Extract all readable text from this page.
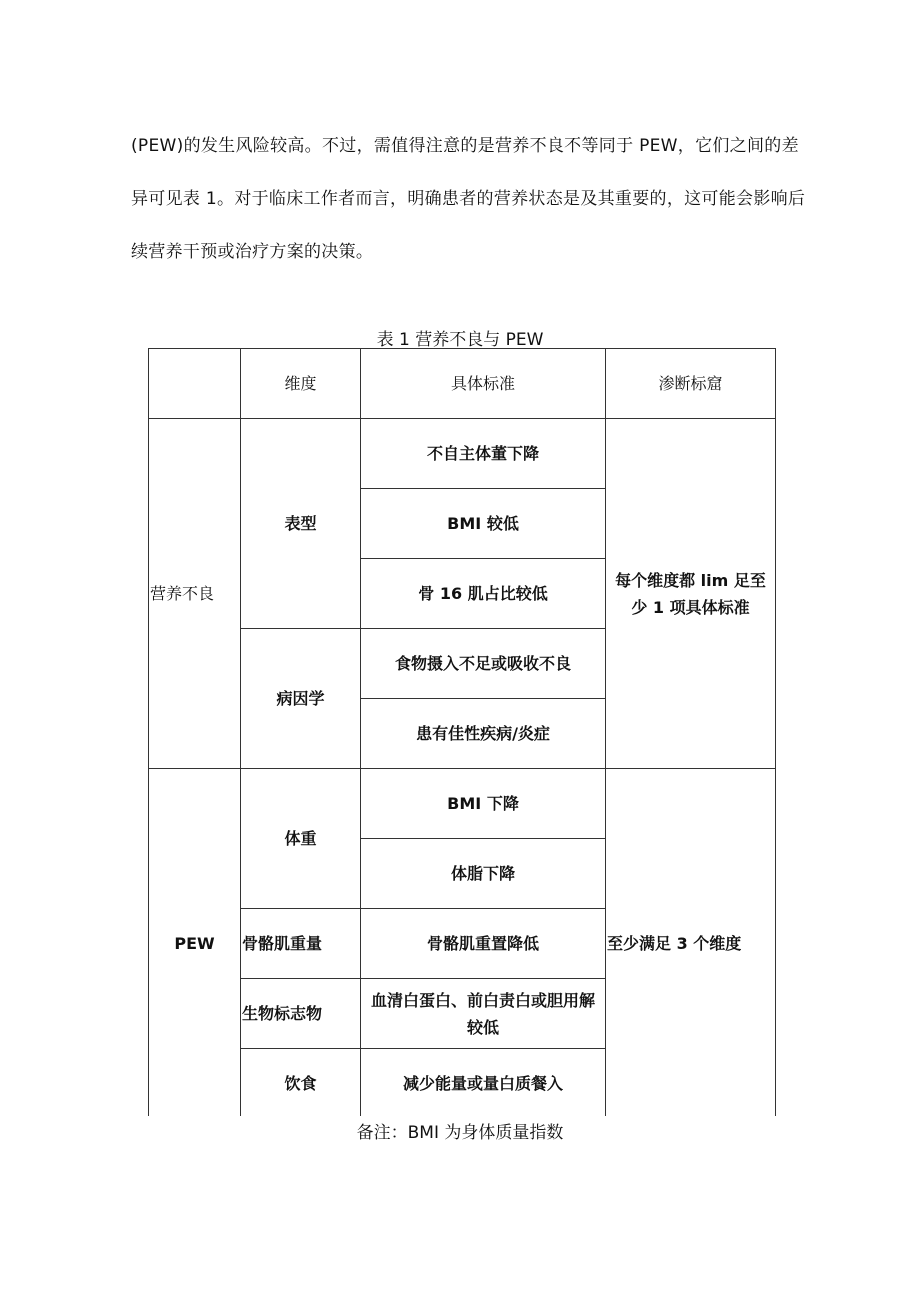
(PEW)的发生风险较高。不过，需值得注意的是营养不良不等同于 PEW，它们之间的差

异可见表 1。对于临床工作者而言，明确患者的营养状态是及其重要的，这可能会影响后

续营养干预或治疗方案的决策。

表 1 营养不良与 PEW
	维度	具体标准	渗断标窟
营养不良	表型	不自主体董下降	每个维度都 lim 足至少 1 项具体标准
		BMI 较低	
		骨 16 肌占比较低	
	病因学	食物摄入不足或吸收不良	
		患有佳性疾病/炎症	
PEW	体重	BMI 下降	至少满足 3 个维度
		体脂下降	
	骨骼肌重量	骨骼肌重置降低	
	生物标志物	血清白蛋白、前白责白或胆用解较低	
	饮食	减少能量或量白质餐入	
备注：BMI 为身体质量指数
